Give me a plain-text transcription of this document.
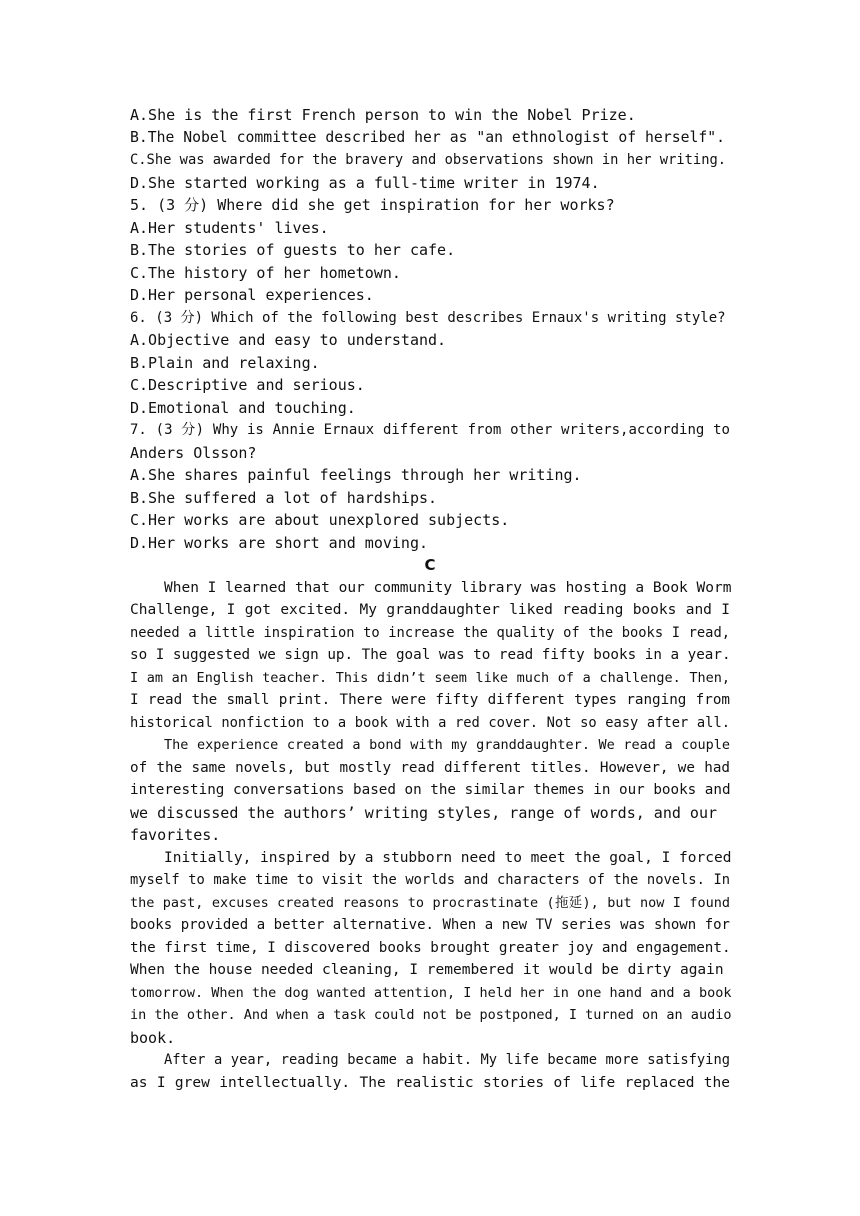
A.She is the first French person to win the Nobel Prize.
B.The Nobel committee described her as "an ethnologist of herself".
C.She was awarded for the bravery and observations shown in her writing.
D.She started working as a full-time writer in 1974.
5. (3 分) Where did she get inspiration for her works?
A.Her students' lives.
B.The stories of guests to her cafe.
C.The history of her hometown.
D.Her personal experiences.
6. (3 分) Which of the following best describes Ernaux's writing style?
A.Objective and easy to understand.
B.Plain and relaxing.
C.Descriptive and serious.
D.Emotional and touching.
7. (3 分) Why is Annie Ernaux different from other writers,according to
Anders Olsson?
A.She shares painful feelings through her writing.
B.She suffered a lot of hardships.
C.Her works are about unexplored subjects.
D.Her works are short and moving.
C
When I learned that our community library was hosting a Book Worm
Challenge, I got excited. My granddaughter liked reading books and I
needed a little inspiration to increase the quality of the books I read,
so I suggested we sign up. The goal was to read fifty books in a year.
I am an English teacher. This didn’t seem like much of a challenge. Then,
I read the small print. There were fifty different types ranging from
historical nonfiction to a book with a red cover. Not so easy after all.
The experience created a bond with my granddaughter. We read a couple
of the same novels, but mostly read different titles. However, we had
interesting conversations based on the similar themes in our books and
we discussed the authors’ writing styles, range of words, and our
favorites.
Initially, inspired by a stubborn need to meet the goal, I forced
myself to make time to visit the worlds and characters of the novels. In
the past, excuses created reasons to procrastinate (拖延), but now I found
books provided a better alternative. When a new TV series was shown for
the first time, I discovered books brought greater joy and engagement.
When the house needed cleaning, I remembered it would be dirty again
tomorrow. When the dog wanted attention, I held her in one hand and a book
in the other. And when a task could not be postponed, I turned on an audio
book.
After a year, reading became a habit. My life became more satisfying
as I grew intellectually. The realistic stories of life replaced the
